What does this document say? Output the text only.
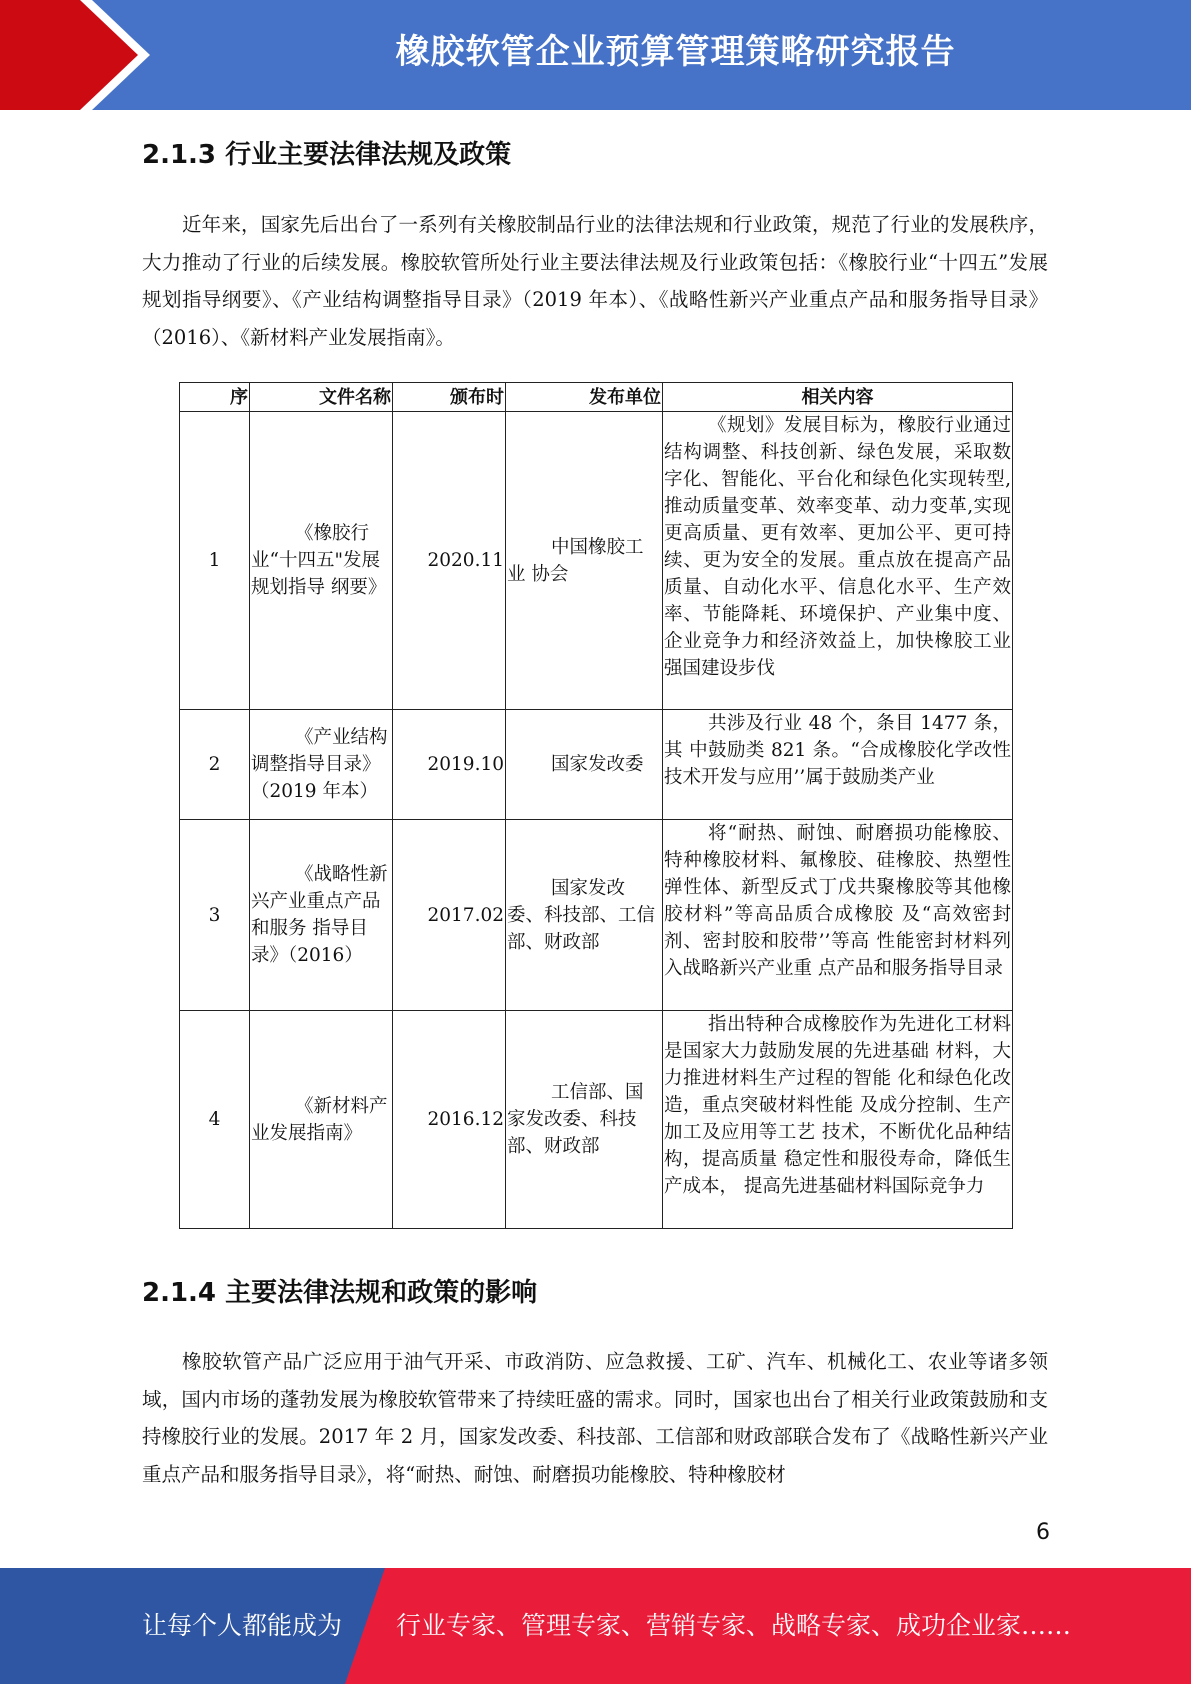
橡胶软管企业预算管理策略研究报告
2.1.3 行业主要法律法规及政策

近年来，国家先后出台了一系列有关橡胶制品行业的法律法规和行业政策，规范了行业的发展秩序，大力推动了行业的后续发展。橡胶软管所处行业主要法律法规及行业政策包括：《橡胶行业“十四五”发展规划指导纲要》、《产业结构调整指导目录》（2019 年本）、《战略性新兴产业重点产品和服务指导目录》（2016）、《新材料产业发展指南》。

序	文件名称	颁布时	发布单位	相关内容
1	《橡胶行业“十四五"发展规划指导 纲要》	2020.11	中国橡胶工业 协会	《规划》发展目标为，橡胶行业通过 结构调整、科技创新、绿色发展，采取数字化、智能化、平台化和绿色化实现转型,推动质量变革、效率变革、动力变革,实现更高质量、更有效率、更加公平、更可持续、更为安全的发展。重点放在提高产品质量、自动化水平、信息化水平、生产效率、节能降耗、环境保护、产业集中度、企业竞争力和经济效益上，加快橡胶工业强国建设步伐
2	《产业结构 调整指导目录》（2019 年本）	2019.10	国家发改委	共涉及行业 48 个，条目 1477 条，其 中鼓励类 821 条。“合成橡胶化学改性技术开发与应用’’属于鼓励类产业
3	《战略性新 兴产业重点产品和服务 指导目录》（2016）	2017.02	国家发改委、科技部、工信 部、财政部	将“耐热、耐蚀、耐磨损功能橡胶、特种橡胶材料、氟橡胶、硅橡胶、热塑性弹性体、新型反式丁戊共聚橡胶等其他橡胶材料”等高品质合成橡胶 及“高效密封剂、密封胶和胶带’’等高 性能密封材料列入战略新兴产业重 点产品和服务指导目录
4	《新材料产 业发展指南》	2016.12	工信部、国家发改委、科技 部、财政部	指出特种合成橡胶作为先进化工材料是国家大力鼓励发展的先进基础 材料，大力推进材料生产过程的智能 化和绿色化改造，重点突破材料性能 及成分控制、生产加工及应用等工艺 技术，不断优化品种结构，提高质量 稳定性和服役寿命，降低生产成本， 提高先进基础材料国际竞争力
2.1.4 主要法律法规和政策的影响

橡胶软管产品广泛应用于油气开采、市政消防、应急救援、工矿、汽车、机械化工、农业等诸多领域，国内市场的蓬勃发展为橡胶软管带来了持续旺盛的需求。同时，国家也出台了相关行业政策鼓励和支持橡胶行业的发展。2017 年 2 月，国家发改委、科技部、工信部和财政部联合发布了《战略性新兴产业重点产品和服务指导目录》，将“耐热、耐蚀、耐磨损功能橡胶、特种橡胶材

6
让每个人都能成为 行业专家、管理专家、营销专家、战略专家、成功企业家……
